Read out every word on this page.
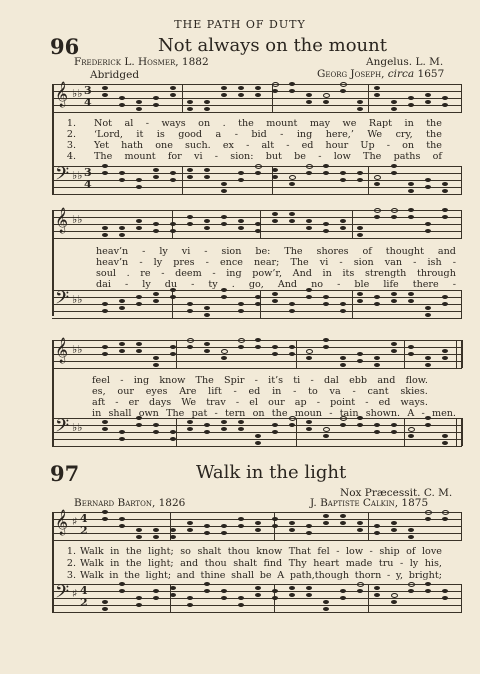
THE PATH OF DUTY
96	Not always on the mount
Frederick L. Hosmer, 1882	Angelus. L. M.
Abridged	Georg Joseph, circa 1657
𝄞 ♭♭ 3
4
𝄢 ♭♭ 3
4
1.
2.
3.
4.
Not al - ways on . the mount may we Rapt in the
‘Lord, it is good a - bid - ing here,’ We cry, the
Yet hath one such. ex - alt - ed hour Up - on the
The mount for vi - sion: but be - low The paths of
𝄞 ♭♭
𝄢 ♭♭
heav’n - ly vi - sion be: The shores of thought and
heav’n - ly pres - ence near; The vi - sion van - ish -
soul . re - deem - ing pow’r, And in its strength through
dai - ly du - ty . go, And no - ble life there -
𝄞 ♭♭
𝄢 ♭♭
feel - ing know The Spir - it’s ti - dal ebb and flow.
es, our eyes Are lift - ed in - to va - cant skies.
aft - er days We trav - el our ap - point - ed ways.
in shall own The pat - tern on the moun - tain shown. A - men.
97	Walk in the light
Nox Præcessit. C. M.
Bernard Barton, 1826	J. Baptiste Calkin, 1875
𝄞 ♯ 4
2
𝄢 ♯ 4
2
1.
2.
3.
Walk in the light; so shalt thou know That fel - low - ship of love
Walk in the light; and thou shalt find Thy heart made tru - ly his,
Walk in the light; and thine shall be A path,though thorn - y, bright;
